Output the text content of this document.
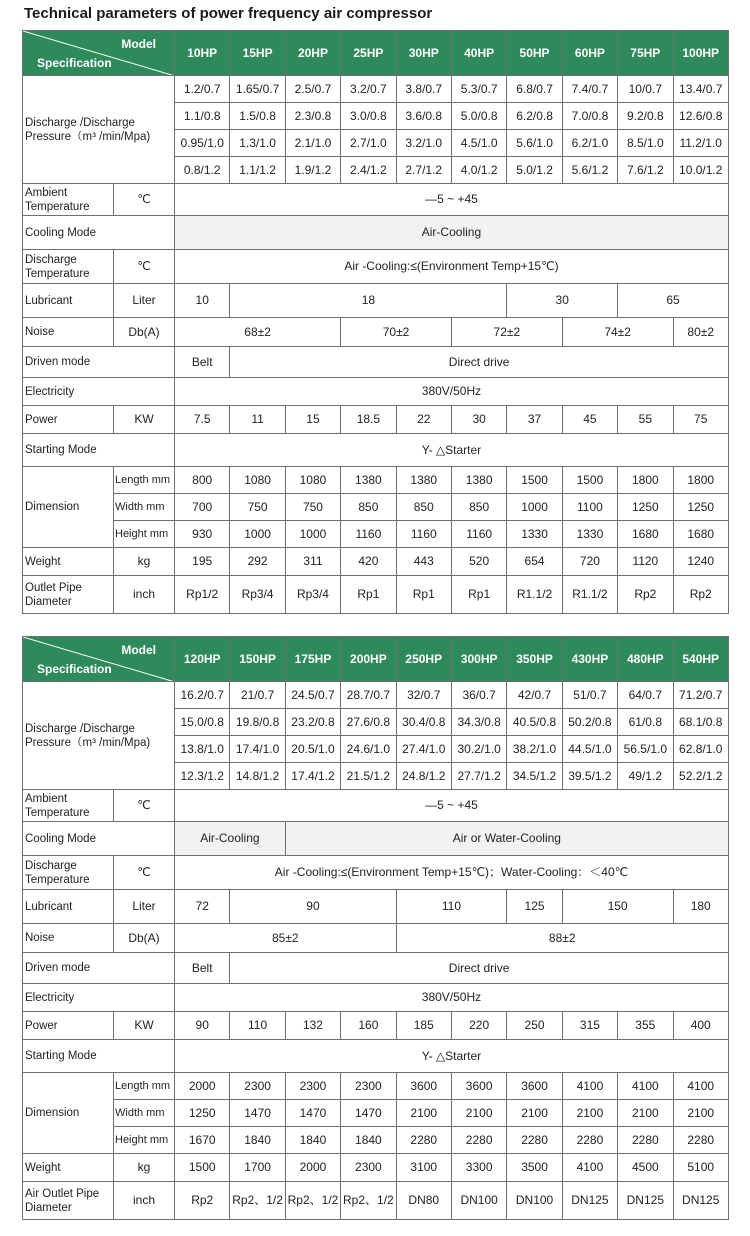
Technical parameters of power frequency air compressor
Model
Specification		10HP	15HP	20HP	25HP	30HP	40HP	50HP	60HP	75HP	100HP
Discharge /Discharge Pressure（m³ /min/Mpa)		1.2/0.7	1.65/0.7	2.5/0.7	3.2/0.7	3.8/0.7	5.3/0.7	6.8/0.7	7.4/0.7	10/0.7	13.4/0.7
		1.1/0.8	1.5/0.8	2.3/0.8	3.0/0.8	3.6/0.8	5.0/0.8	6.2/0.8	7.0/0.8	9.2/0.8	12.6/0.8
		0.95/1.0	1.3/1.0	2.1/1.0	2.7/1.0	3.2/1.0	4.5/1.0	5.6/1.0	6.2/1.0	8.5/1.0	11.2/1.0
		0.8/1.2	1.1/1.2	1.9/1.2	2.4/1.2	2.7/1.2	4.0/1.2	5.0/1.2	5.6/1.2	7.6/1.2	10.0/1.2
Ambient Temperature	℃	—5 ~ +45									
Cooling Mode		Air-Cooling									
Discharge Temperature	℃	Air -Cooling:≤(Environment Temp+15℃)									
Lubricant	Liter	10	18					30		65	
Noise	Db(A)	68±2			70±2		72±2		74±2		80±2
Driven mode		Belt	Direct drive								
Electricity		380V/50Hz									
Power	KW	7.5	11	15	18.5	22	30	37	45	55	75
Starting Mode		Y- △Starter									
Dimension	Length mm	800	1080	1080	1380	1380	1380	1500	1500	1800	1800
	Width mm	700	750	750	850	850	850	1000	1100	1250	1250
	Height mm	930	1000	1000	1160	1160	1160	1330	1330	1680	1680
Weight	kg	195	292	311	420	443	520	654	720	1120	1240
Outlet Pipe Diameter	inch	Rp1/2	Rp3/4	Rp3/4	Rp1	Rp1	Rp1	R1.1/2	R1.1/2	Rp2	Rp2
Model
Specification		120HP	150HP	175HP	200HP	250HP	300HP	350HP	430HP	480HP	540HP
Discharge /Discharge Pressure（m³ /min/Mpa)		16.2/0.7	21/0.7	24.5/0.7	28.7/0.7	32/0.7	36/0.7	42/0.7	51/0.7	64/0.7	71.2/0.7
		15.0/0.8	19.8/0.8	23.2/0.8	27.6/0.8	30.4/0.8	34.3/0.8	40.5/0.8	50.2/0.8	61/0.8	68.1/0.8
		13.8/1.0	17.4/1.0	20.5/1.0	24.6/1.0	27.4/1.0	30.2/1.0	38.2/1.0	44.5/1.0	56.5/1.0	62.8/1.0
		12.3/1.2	14.8/1.2	17.4/1.2	21.5/1.2	24.8/1.2	27.7/1.2	34.5/1.2	39.5/1.2	49/1.2	52.2/1.2
Ambient Temperature	℃	—5 ~ +45									
Cooling Mode		Air-Cooling		Air or Water-Cooling							
Discharge Temperature	℃	Air -Cooling:≤(Environment Temp+15℃)；Water-Cooling：＜40℃									
Lubricant	Liter	72	90			110		125	150		180
Noise	Db(A)	85±2				88±2					
Driven mode		Belt	Direct drive								
Electricity		380V/50Hz									
Power	KW	90	110	132	160	185	220	250	315	355	400
Starting Mode		Y- △Starter									
Dimension	Length mm	2000	2300	2300	2300	3600	3600	3600	4100	4100	4100
	Width mm	1250	1470	1470	1470	2100	2100	2100	2100	2100	2100
	Height mm	1670	1840	1840	1840	2280	2280	2280	2280	2280	2280
Weight	kg	1500	1700	2000	2300	3100	3300	3500	4100	4500	5100
Air Outlet Pipe Diameter	inch	Rp2	Rp2、1/2	Rp2、1/2	Rp2、1/2	DN80	DN100	DN100	DN125	DN125	DN125
